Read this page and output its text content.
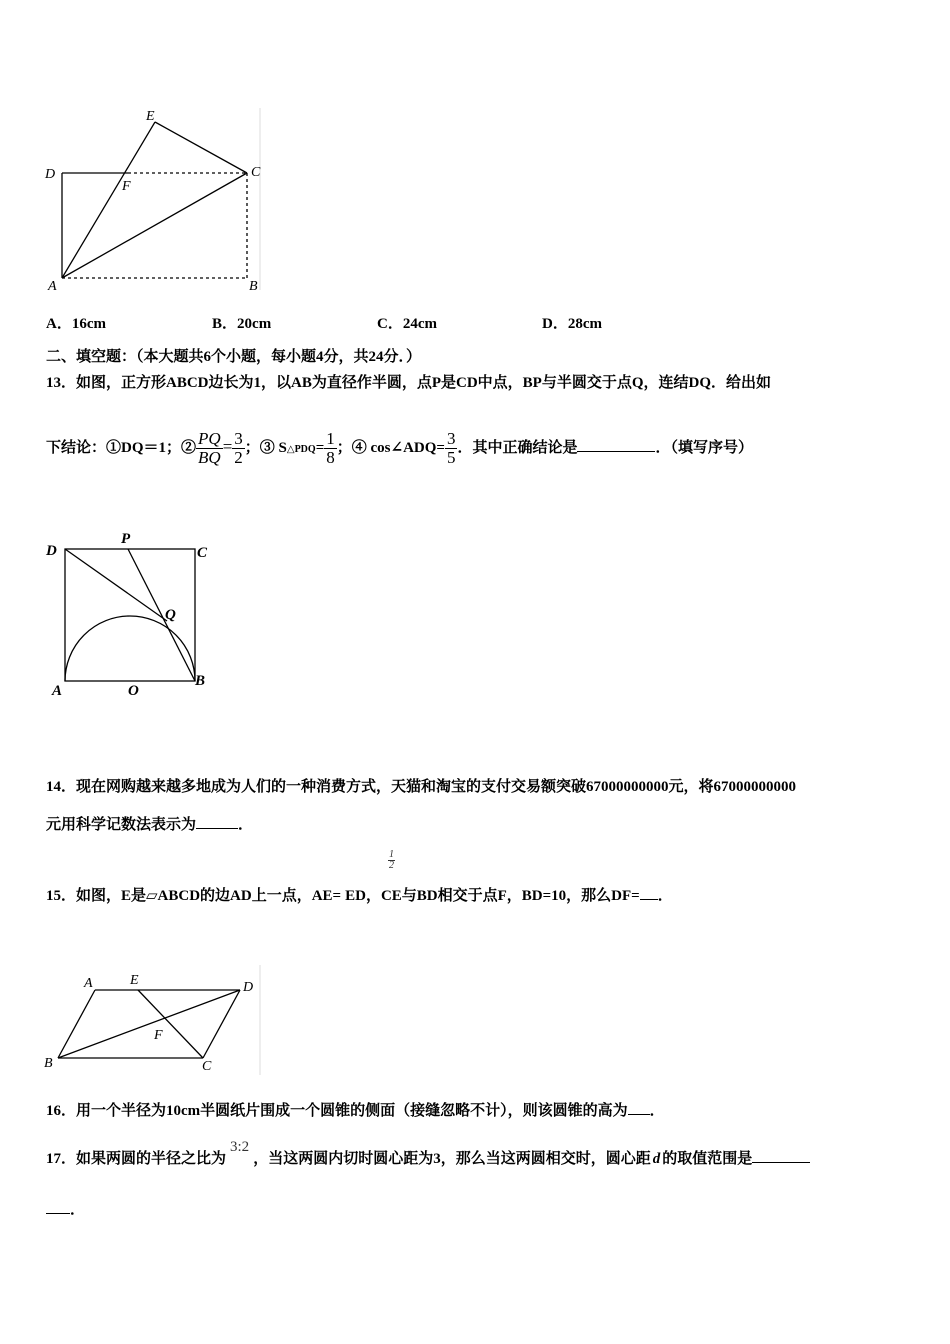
E
D
F
C
A	B
A．16cm	B．20cm	C．24cm	D．28cm
二、填空题：（本大题共6个小题，每小题4分，共24分．）
13．如图，正方形ABCD边长为1，以AB为直径作半圆，点P是CD中点，BP与半圆交于点Q，连结DQ．给出如
下结论：①DQ＝1；② $\frac{PQ}{BQ} = \frac{3}{2}$ ；③ S△PDQ= $\frac{1}{8}$ ；④ cos∠ADQ= $\frac{3}{5}$ ．其中正确结论是	．（填写序号）
D
P
C
Q
A	O
B
14．现在网购越来越多地成为人们的一种消费方式，天猫和淘宝的支付交易额突破67000000000元，将67000000000
元用科学记数法表示为	．
$\frac{1}{2}$
15．如图，E是▱ABCD的边AD上一点，AE= ED，CE与BD相交于点F，BD=10，那么DF= ．
A	E	D
F
B	C
16．用一个半径为10cm半圆纸片围成一个圆锥的侧面（接缝忽略不计），则该圆锥的高为 ．
17．如果两圆的半径之比为3:2，当这两圆内切时圆心距为3，那么当这两圆相交时，圆心距 d 的取值范围是
．
